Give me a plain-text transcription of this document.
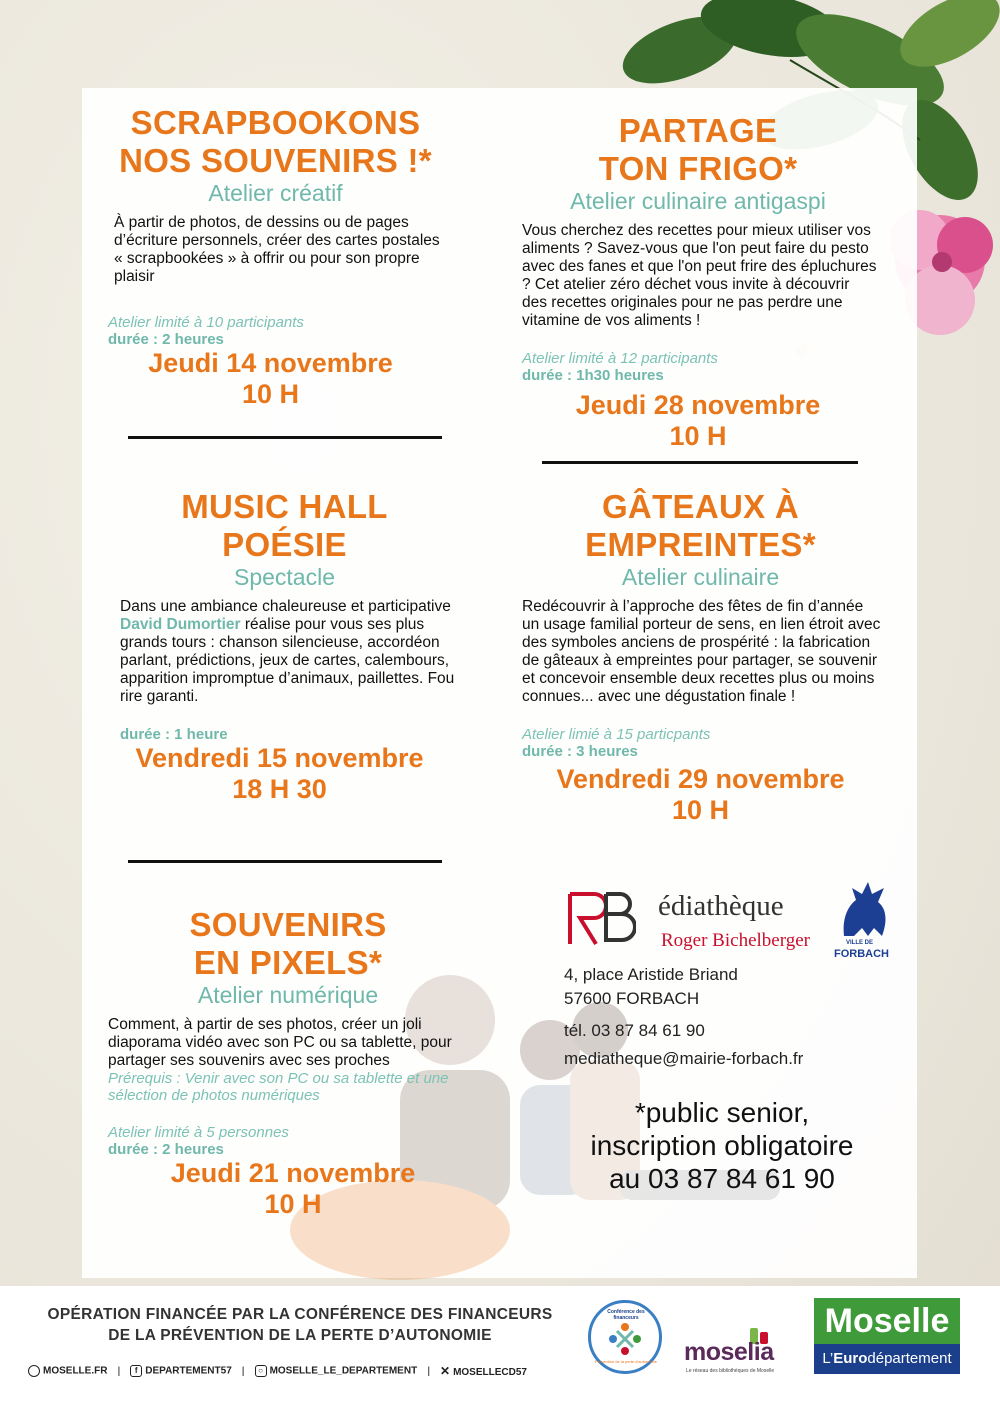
SCRAPBOOKONS
NOS SOUVENIRS !*
Atelier créatif
À partir de photos, de dessins ou de pages d’écriture personnels, créer des cartes postales « scrapbookées » à offrir ou pour son propre plaisir
Atelier limité à 10 participants
durée : 2 heures
Jeudi 14 novembre
10 H
PARTAGE
TON FRIGO*
Atelier culinaire antigaspi
Vous cherchez des recettes pour mieux utiliser vos aliments ? Savez-vous que l'on peut faire du pesto avec des fanes et que l'on peut frire des épluchures ? Cet atelier zéro déchet vous invite à découvrir des recettes originales pour ne pas perdre une vitamine de vos aliments !
Atelier limité à 12 participants
durée : 1h30 heures
Jeudi 28 novembre
10 H
MUSIC HALL
POÉSIE
Spectacle
Dans une ambiance chaleureuse et participative David Dumortier réalise pour vous ses plus grands tours : chanson silencieuse, accordéon parlant, prédictions, jeux de cartes, calembours, apparition impromptue d’animaux, paillettes. Fou rire garanti.
durée : 1 heure
Vendredi 15 novembre
18 H 30
GÂTEAUX À
EMPREINTES*
Atelier culinaire
Redécouvrir à l’approche des fêtes de fin d’année un usage familial porteur de sens, en lien étroit avec des symboles anciens de prospérité : la fabrication de gâteaux à empreintes pour partager, se souvenir et concevoir ensemble deux recettes plus ou moins connues... avec une dégustation finale !
Atelier limié à 15 particpants
durée : 3 heures
Vendredi 29 novembre
10 H
SOUVENIRS
EN PIXELS*
Atelier numérique
Comment, à partir de ses photos, créer un joli diaporama vidéo avec son PC ou sa tablette, pour partager ses souvenirs avec ses proches
Prérequis : Venir avec son PC ou sa tablette et une sélection de photos numériques
Atelier limité à 5 personnes
durée : 2 heures
Jeudi 21 novembre
10 H
édiathèque
Roger Bichelberger	VILLE DE
FORBACH
4, place Aristide Briand
57600 FORBACH
tél. 03 87 84 61 90
mediatheque@mairie-forbach.fr
*public senior,
inscription obligatoire
au 03 87 84 61 90
OPÉRATION FINANCÉE PAR LA CONFÉRENCE DES FINANCEURS
DE LA PRÉVENTION DE LA PERTE D’AUTONOMIE
MOSELLE.FR |	f DEPARTEMENT57 |	○ MOSELLE_LE_DEPARTEMENT | ✕ MOSELLECD57
Conférence des financeurs
Prévention de la perte d'autonomie moselia
Le réseau des bibliothèques de Moselle
Moselle
L’Eurodépartement
